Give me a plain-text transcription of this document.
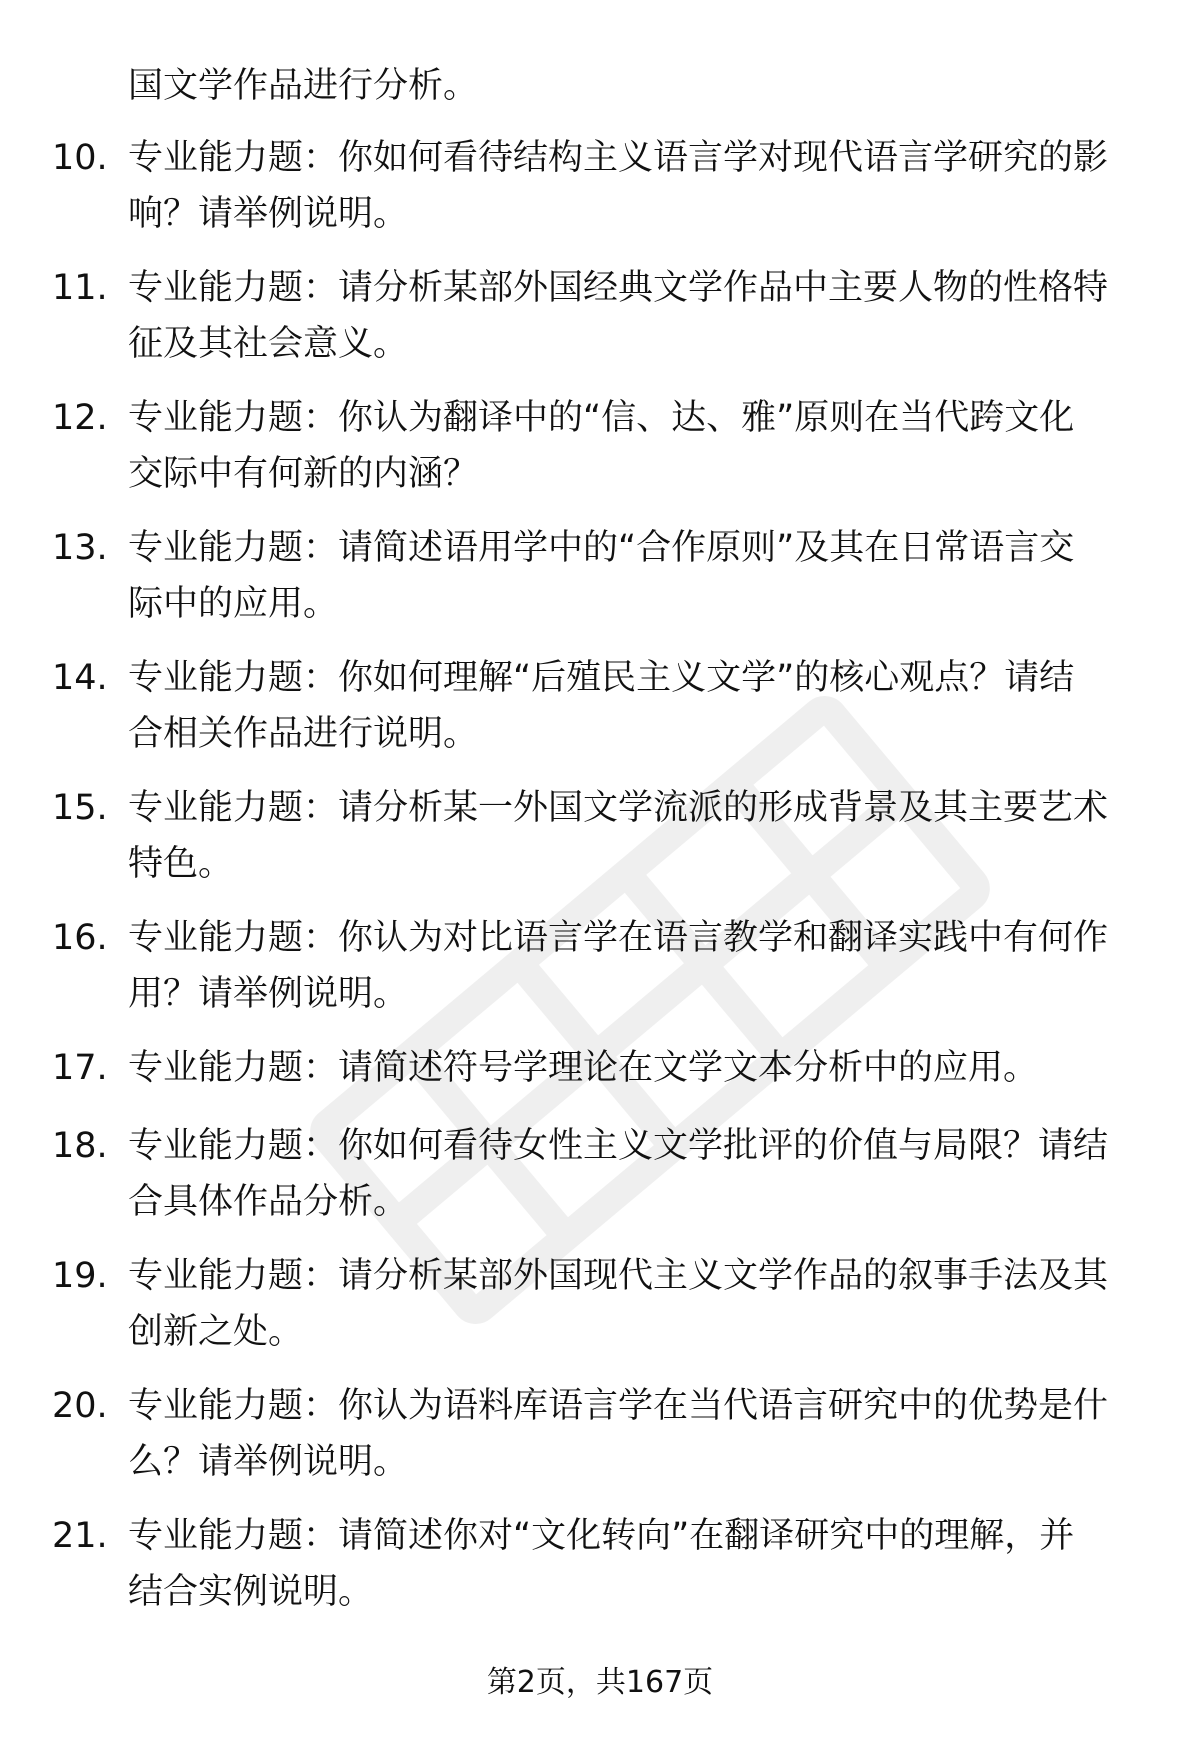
国文学作品进行分析。
10. 专业能力题：你如何看待结构主义语言学对现代语言学研究的影
响？请举例说明。
11. 专业能力题：请分析某部外国经典文学作品中主要人物的性格特
征及其社会意义。
12. 专业能力题：你认为翻译中的“信、达、雅”原则在当代跨文化
交际中有何新的内涵？
13. 专业能力题：请简述语用学中的“合作原则”及其在日常语言交
际中的应用。
14. 专业能力题：你如何理解“后殖民主义文学”的核心观点？请结
合相关作品进行说明。
15. 专业能力题：请分析某一外国文学流派的形成背景及其主要艺术
特色。
16. 专业能力题：你认为对比语言学在语言教学和翻译实践中有何作
用？请举例说明。
17. 专业能力题：请简述符号学理论在文学文本分析中的应用。
18. 专业能力题：你如何看待女性主义文学批评的价值与局限？请结
合具体作品分析。
19. 专业能力题：请分析某部外国现代主义文学作品的叙事手法及其
创新之处。
20. 专业能力题：你认为语料库语言学在当代语言研究中的优势是什
么？请举例说明。
21. 专业能力题：请简述你对“文化转向”在翻译研究中的理解，并
结合实例说明。
第2页，共167页
